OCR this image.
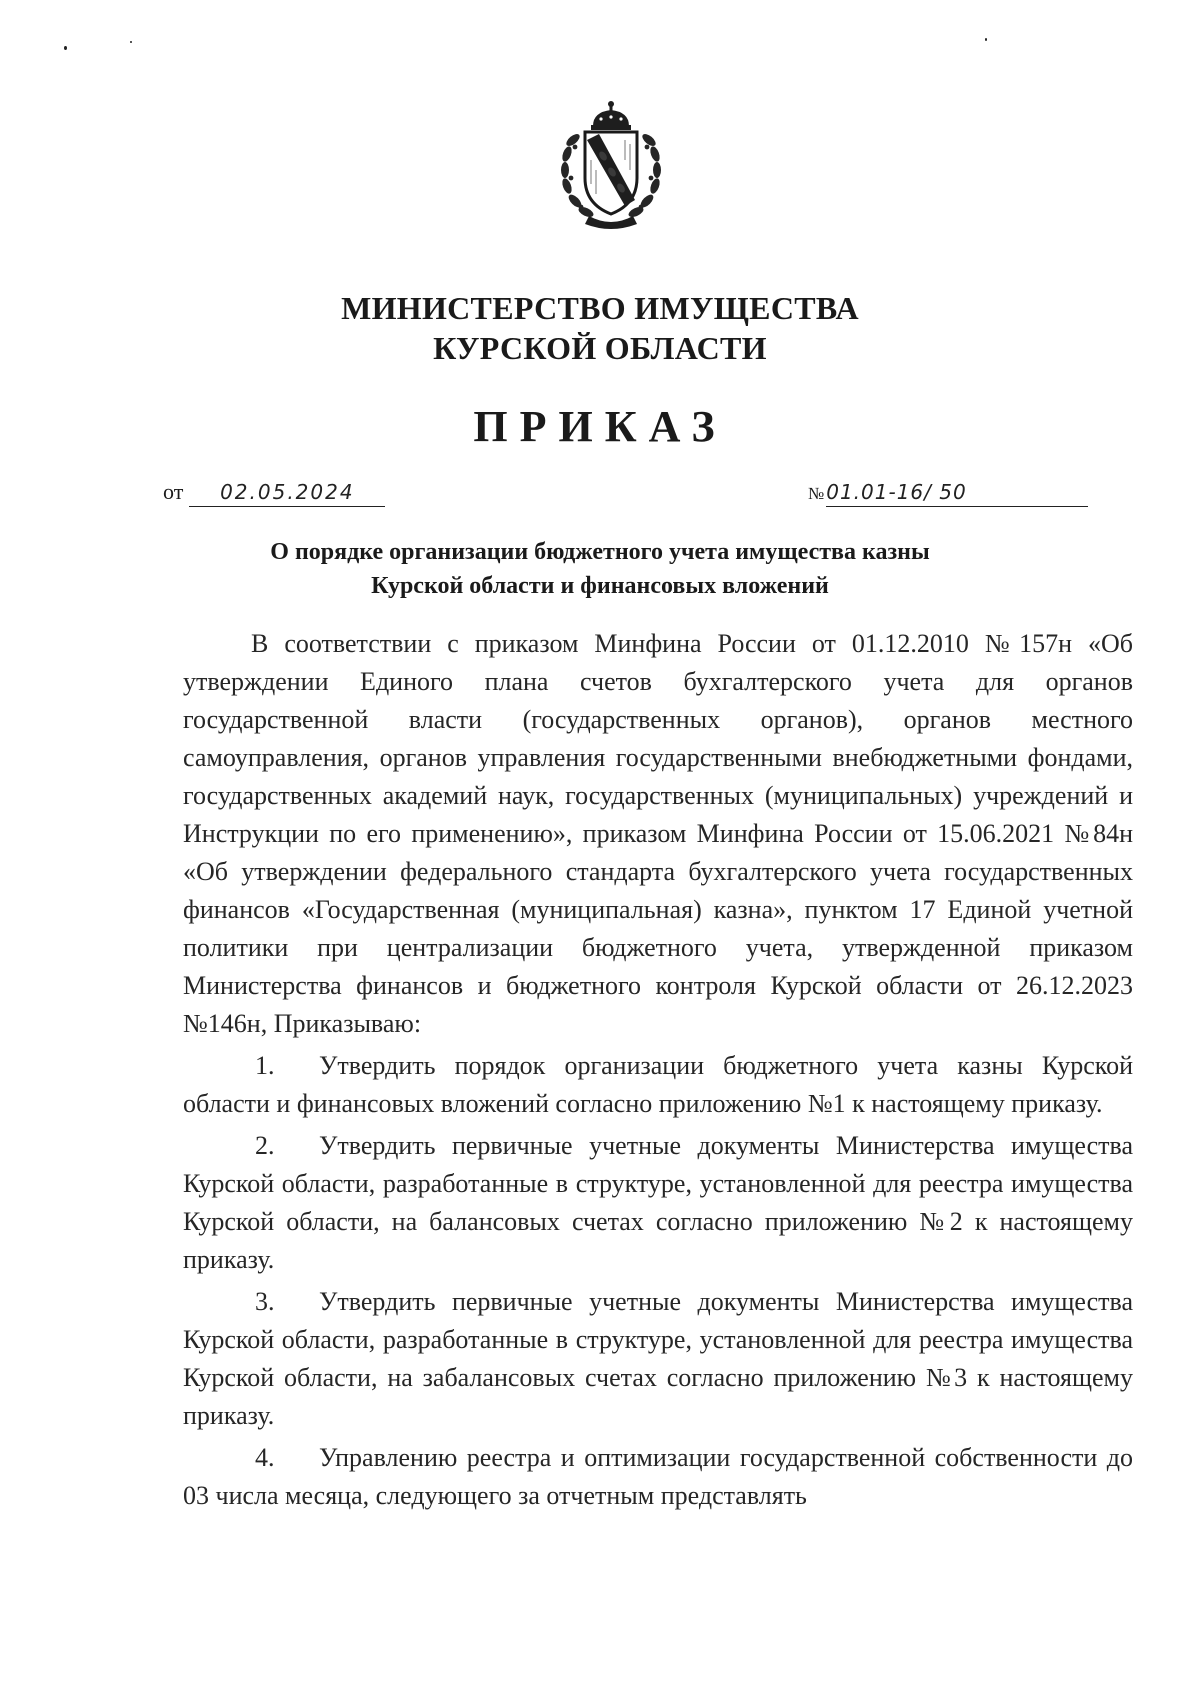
МИНИСТЕРСТВО ИМУЩЕСТВА
КУРСКОЙ ОБЛАСТИ
ПРИКАЗ
от 02.05.2024	№ 01.01-16/ 50
О порядке организации бюджетного учета имущества казны
Курской области и финансовых вложений

В соответствии с приказом Минфина России от 01.12.2010 №157н «Об утверждении Единого плана счетов бухгалтерского учета для органов государственной власти (государственных органов), органов местного самоуправления, органов управления государственными внебюджетными фондами, государственных академий наук, государственных (муниципальных) учреждений и Инструкции по его применению», приказом Минфина России от 15.06.2021 №84н «Об утверждении федерального стандарта бухгалтерского учета государственных финансов «Государственная (муниципальная) казна», пунктом 17 Единой учетной политики при централизации бюджетного учета, утвержденной приказом Министерства финансов и бюджетного контроля Курской области от 26.12.2023 №146н, Приказываю:

1. Утвердить порядок организации бюджетного учета казны Курской области и финансовых вложений согласно приложению №1 к настоящему приказу.

2. Утвердить первичные учетные документы Министерства имущества Курской области, разработанные в структуре, установленной для реестра имущества Курской области, на балансовых счетах согласно приложению №2 к настоящему приказу.

3. Утвердить первичные учетные документы Министерства имущества Курской области, разработанные в структуре, установленной для реестра имущества Курской области, на забалансовых счетах согласно приложению №3 к настоящему приказу.

4. Управлению реестра и оптимизации государственной собственности до 03 числа месяца, следующего за отчетным представлять
